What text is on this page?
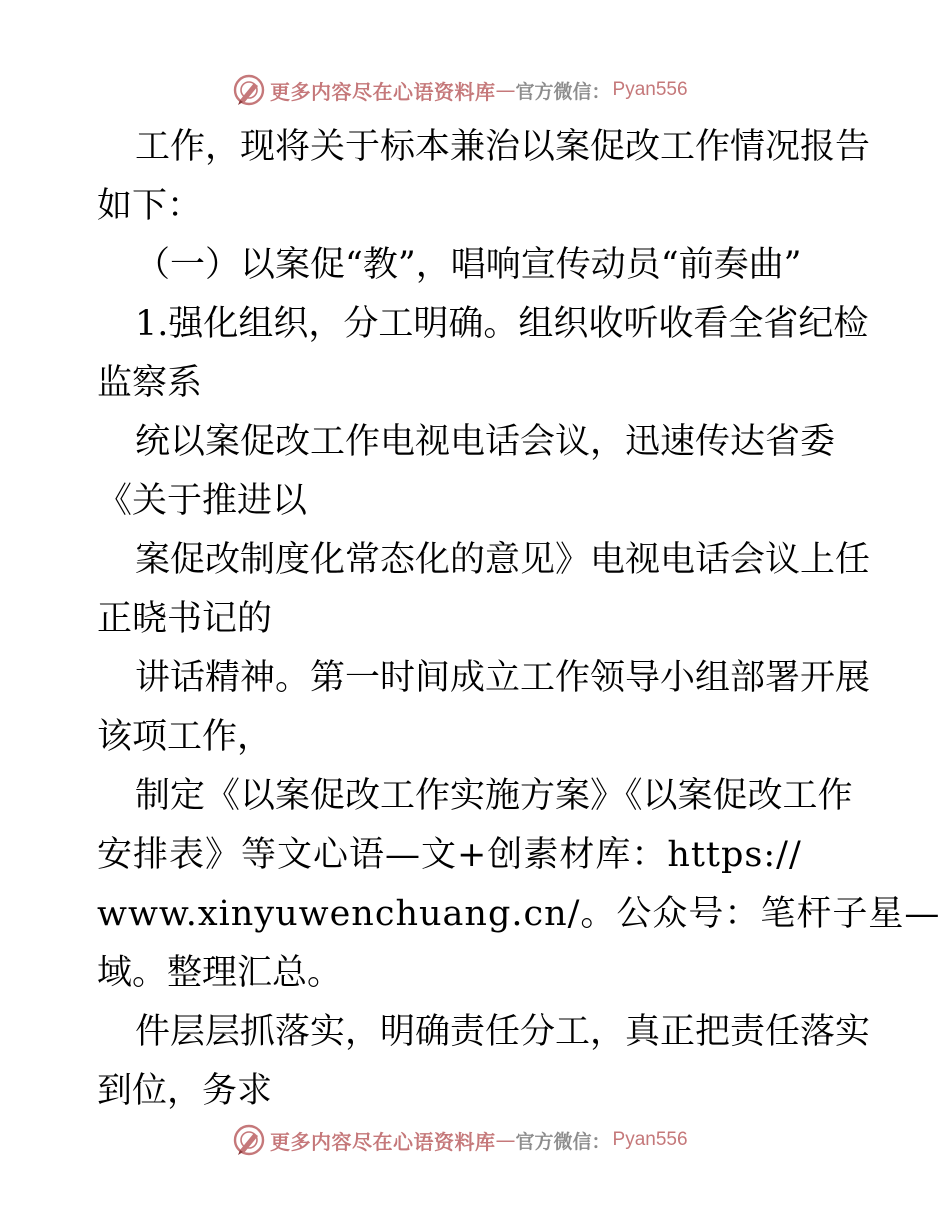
更多内容尽在心语资料库 — 官方微信： Pyan556
工作，现将关于标本兼治以案促改工作情况报告
如下：
（一）以案促“教”，唱响宣传动员“前奏曲”
1.强化组织，分工明确。组织收听收看全省纪检
监察系
统以案促改工作电视电话会议，迅速传达省委
《关于推进以
案促改制度化常态化的意见》电视电话会议上任
正晓书记的
讲话精神。第一时间成立工作领导小组部署开展
该项工作，
制定《以案促改工作实施方案》《以案促改工作
安排表》等文心语—文+创素材库：https://
www.xinyuwenchuang.cn/。公众号：笔杆子星—
域。整理汇总。
件层层抓落实，明确责任分工，真正把责任落实
到位，务求
更多内容尽在心语资料库 — 官方微信： Pyan556
